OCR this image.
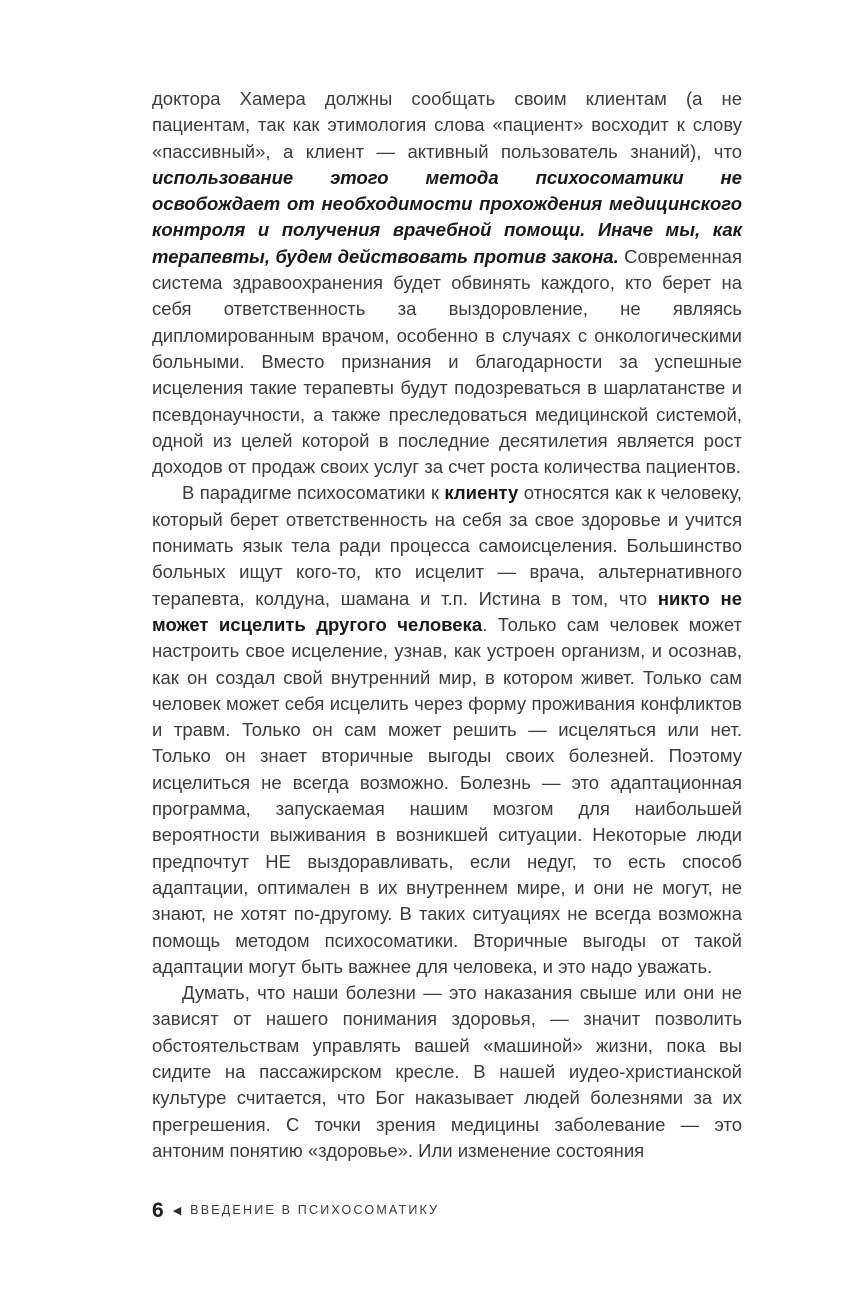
доктора Хамера должны сообщать своим клиентам (а не пациентам, так как этимология слова «пациент» восходит к слову «пассивный», а клиент — активный пользователь знаний), что использование этого метода психосоматики не освобождает от необходимости прохождения медицинского контроля и получения врачебной помощи. Иначе мы, как терапевты, будем действовать против закона. Современная система здравоохранения будет обвинять каждого, кто берет на себя ответственность за выздоровление, не являясь дипломированным врачом, особенно в случаях с онкологическими больными. Вместо признания и благодарности за успешные исцеления такие терапевты будут подозреваться в шарлатанстве и псевдонаучности, а также преследоваться медицинской системой, одной из целей которой в последние десятилетия является рост доходов от продаж своих услуг за счет роста количества пациентов.

В парадигме психосоматики к клиенту относятся как к человеку, который берет ответственность на себя за свое здоровье и учится понимать язык тела ради процесса самоисцеления. Большинство больных ищут кого-то, кто исцелит — врача, альтернативного терапевта, колдуна, шамана и т.п. Истина в том, что никто не может исцелить другого человека. Только сам человек может настроить свое исцеление, узнав, как устроен организм, и осознав, как он создал свой внутренний мир, в котором живет. Только сам человек может себя исцелить через форму проживания конфликтов и травм. Только он сам может решить — исцеляться или нет. Только он знает вторичные выгоды своих болезней. Поэтому исцелиться не всегда возможно. Болезнь — это адаптационная программа, запускаемая нашим мозгом для наибольшей вероятности выживания в возникшей ситуации. Некоторые люди предпочтут НЕ выздоравливать, если недуг, то есть способ адаптации, оптимален в их внутреннем мире, и они не могут, не знают, не хотят по-другому. В таких ситуациях не всегда возможна помощь методом психосоматики. Вторичные выгоды от такой адаптации могут быть важнее для человека, и это надо уважать.

Думать, что наши болезни — это наказания свыше или они не зависят от нашего понимания здоровья, — значит позволить обстоятельствам управлять вашей «машиной» жизни, пока вы сидите на пассажирском кресле. В нашей иудео-христианской культуре считается, что Бог наказывает людей болезнями за их прегрешения. С точки зрения медицины заболевание — это антоним понятию «здоровье». Или изменение состояния

6 ◀ ВВЕДЕНИЕ В ПСИХОСОМАТИКУ
